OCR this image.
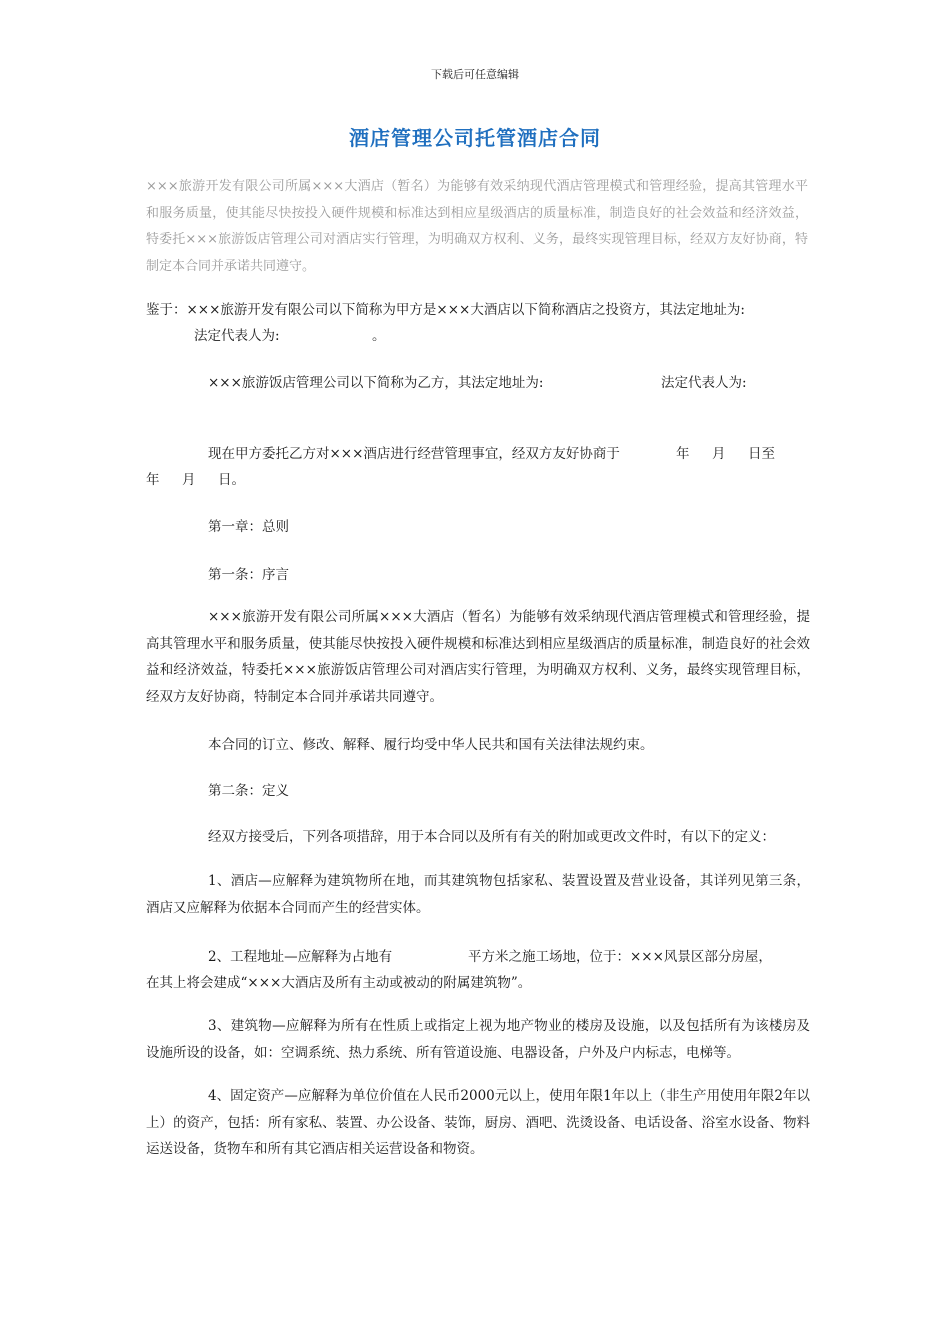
下载后可任意编辑
酒店管理公司托管酒店合同
×××旅游开发有限公司所属×××大酒店（暂名）为能够有效采纳现代酒店管理模式和管理经验，提高其管理水平和服务质量，使其能尽快按投入硬件规模和标准达到相应星级酒店的质量标准，制造良好的社会效益和经济效益，特委托×××旅游饭店管理公司对酒店实行管理，为明确双方权利、义务，最终实现管理目标，经双方友好协商，特制定本合同并承诺共同遵守。
鉴于：×××旅游开发有限公司以下简称为甲方是×××大酒店以下简称酒店之投资方，其法定地址为:
法定代表人为:	。
×××旅游饭店管理公司以下简称为乙方，其法定地址为:	法定代表人为:
现在甲方委托乙方对×××酒店进行经营管理事宜，经双方友好协商于	年 月 日至
年 月 日。
第一章：总则
第一条：序言
×××旅游开发有限公司所属×××大酒店（暂名）为能够有效采纳现代酒店管理模式和管理经验，提高其管理水平和服务质量，使其能尽快按投入硬件规模和标准达到相应星级酒店的质量标准，制造良好的社会效益和经济效益，特委托×××旅游饭店管理公司对酒店实行管理，为明确双方权利、义务，最终实现管理目标，经双方友好协商，特制定本合同并承诺共同遵守。
本合同的订立、修改、解释、履行均受中华人民共和国有关法律法规约束。
第二条：定义
经双方接受后，下列各项措辞，用于本合同以及所有有关的附加或更改文件时，有以下的定义：
1、酒店—应解释为建筑物所在地，而其建筑物包括家私、装置设置及营业设备，其详列见第三条，酒店又应解释为依据本合同而产生的经营实体。
2、工程地址—应解释为占地有	平方米之施工场地，位于：×××风景区部分房屋，
在其上将会建成“×××大酒店及所有主动或被动的附属建筑物”。
3、建筑物—应解释为所有在性质上或指定上视为地产物业的楼房及设施，以及包括所有为该楼房及设施所设的设备，如：空调系统、热力系统、所有管道设施、电器设备，户外及户内标志，电梯等。
4、固定资产—应解释为单位价值在人民币2000元以上，使用年限1年以上（非生产用使用年限2年以上）的资产，包括：所有家私、装置、办公设备、装饰，厨房、酒吧、洗烫设备、电话设备、浴室水设备、物料运送设备，货物车和所有其它酒店相关运营设备和物资。
